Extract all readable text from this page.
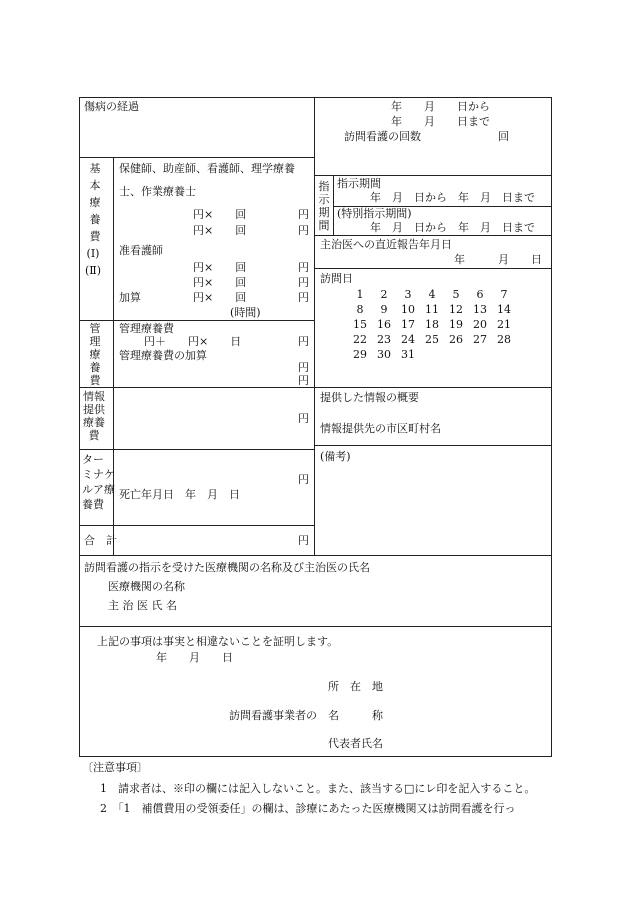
傷病の経過	年　　月　　日から
年　　月　　日まで
訪問看護の回数　　　　　　　回
基
本
療
養
費
(Ⅰ)
(Ⅱ)
保健師、助産師、看護師、理学療養
士、作業療養士
円×　　回	円
円×　　回	円
准看護師
円×　　回	円
円×　　回	円
加算	円×　　回	円
(時間)
管
理
療
養
費
管理療養費
円＋　　円×　　日	円
管理療養費の加算
円
円
情 報
提 供
療 養
費
円
タ
ミ
ル
ー
ナ
ア
ケ
療
養費
円
死亡年月日　年　月　日
合　計	円
指
示
期
間
指示期間
年　月　日から　年　月　日まで
(特別指示期間)
年　月　日から　年　月　日まで
主治医への直近報告年月日
年　　　月　　日
訪問日
1	2	3	4	5	6	7
8	9	10 11 12 13 14
15 16 17 18 19 20 21
22 23 24 25 26 27 28
29 30 31
提供した情報の概要
情報提供先の市区町村名
(備考)
訪問看護の指示を受けた医療機関の名称及び主治医の氏名
医療機関の名称
主 治 医 氏 名
上記の事項は事実と相違ないことを証明します。
年　　月　　日
所　在　地
訪問看護事業者の 名　　　称
代表者氏名
〔注意事項〕
1　請求者は、※印の欄には記入しないこと。また、該当する□にレ印を記入すること。
2　「1　補償費用の受領委任」の欄は、診療にあたった医療機関又は訪問看護を行っ
